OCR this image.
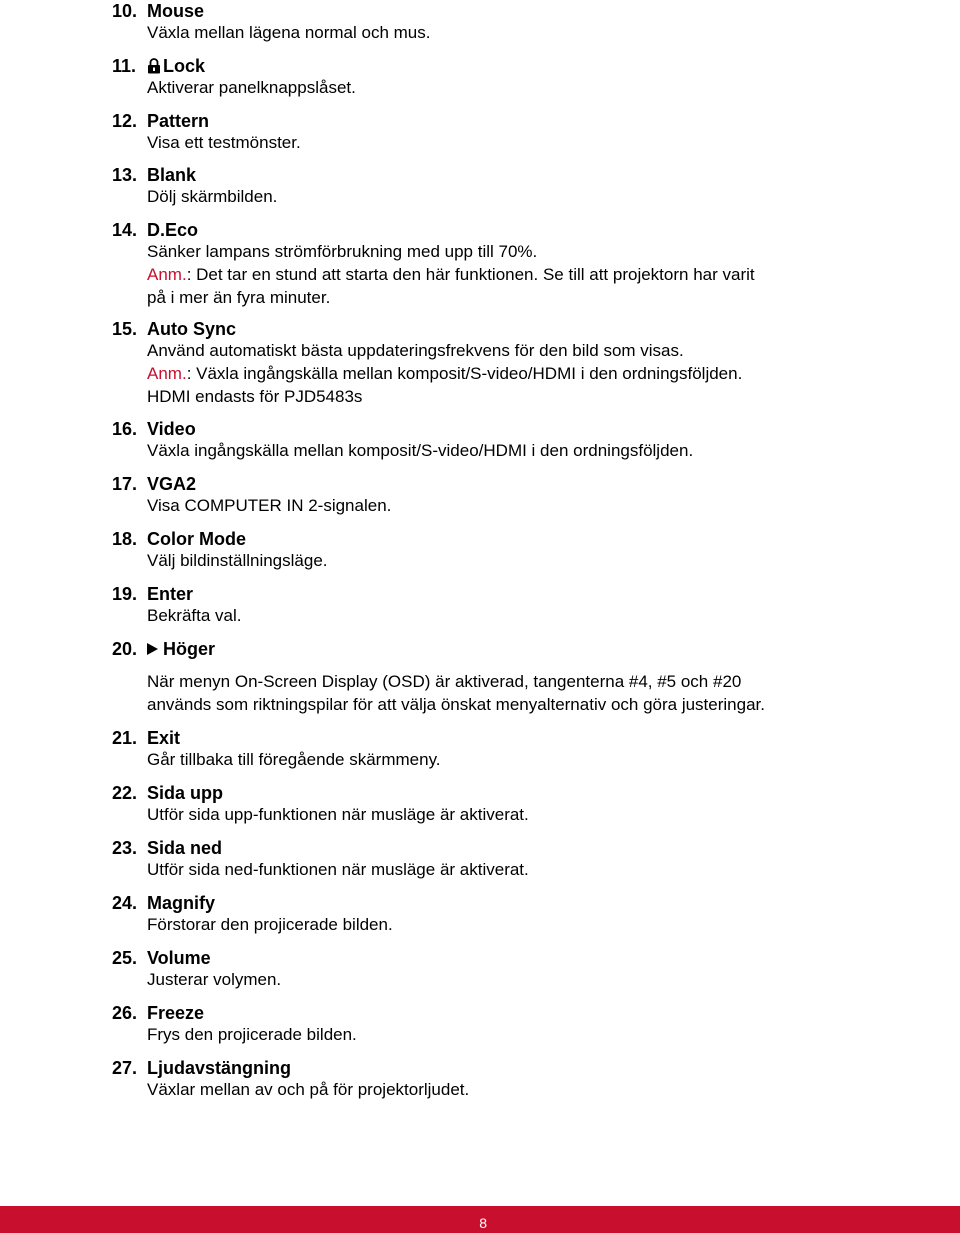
10. Mouse
Växla mellan lägena normal och mus.
11.	Lock
Aktiverar panelknappslåset.
12. Pattern
Visa ett testmönster.
13. Blank
Dölj skärmbilden.
14. D.Eco
Sänker lampans strömförbrukning med upp till 70%.
Anm.: Det tar en stund att starta den här funktionen. Se till att projektorn har varit
på i mer än fyra minuter.
15. Auto Sync
Använd automatiskt bästa uppdateringsfrekvens för den bild som visas.
Anm.: Växla ingångskälla mellan komposit/S-video/HDMI i den ordningsföljden.
HDMI endasts för PJD5483s
16. Video
Växla ingångskälla mellan komposit/S-video/HDMI i den ordningsföljden.
17. VGA2
Visa COMPUTER IN 2-signalen.
18. Color Mode
Välj bildinställningsläge.
19. Enter
Bekräfta val.
20.	Höger
När menyn On-Screen Display (OSD) är aktiverad, tangenterna #4, #5 och #20
används som riktningspilar för att välja önskat menyalternativ och göra justeringar.
21. Exit
Går tillbaka till föregående skärmmeny.
22. Sida upp
Utför sida upp-funktionen när musläge är aktiverat.
23. Sida ned
Utför sida ned-funktionen när musläge är aktiverat.
24. Magnify
Förstorar den projicerade bilden.
25. Volume
Justerar volymen.
26. Freeze
Frys den projicerade bilden.
27. Ljudavstängning
Växlar mellan av och på för projektorljudet.
8
